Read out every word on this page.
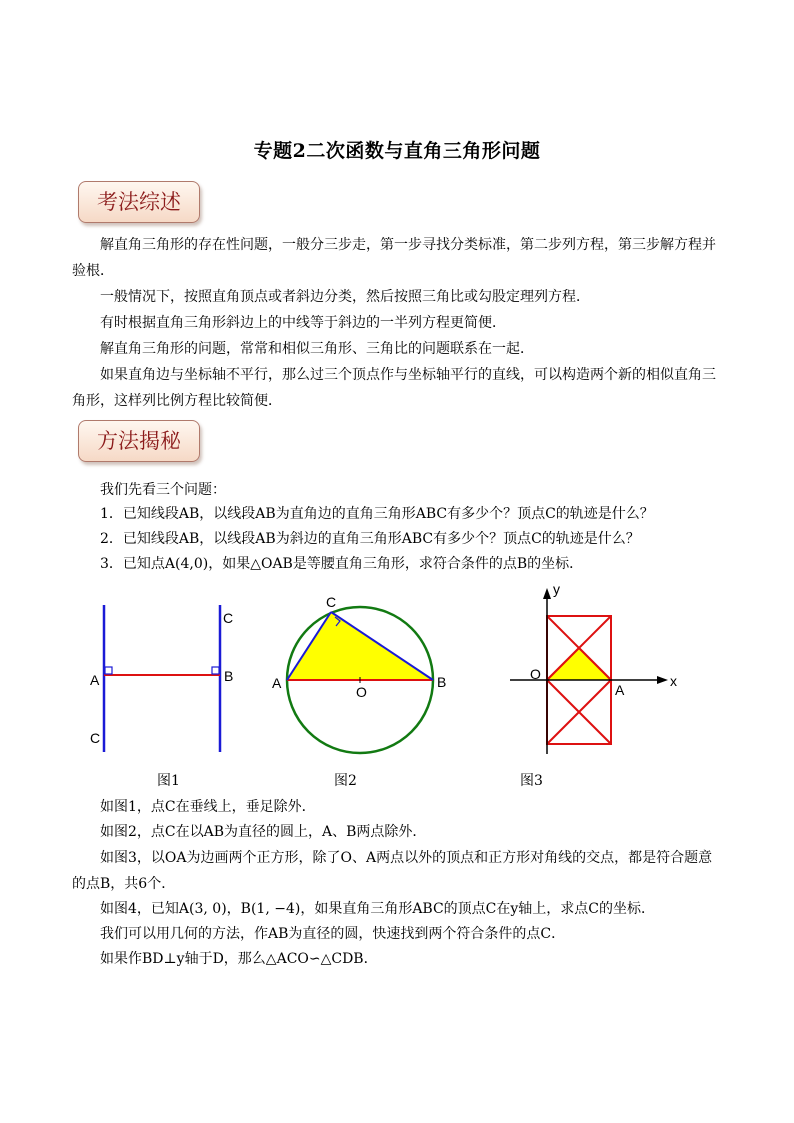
专题2二次函数与直角三角形问题
考法综述
解直角三角形的存在性问题，一般分三步走，第一步寻找分类标准，第二步列方程，第三步解方程并验根．
一般情况下，按照直角顶点或者斜边分类，然后按照三角比或勾股定理列方程．
有时根据直角三角形斜边上的中线等于斜边的一半列方程更简便．
解直角三角形的问题，常常和相似三角形、三角比的问题联系在一起．
如果直角边与坐标轴不平行，那么过三个顶点作与坐标轴平行的直线，可以构造两个新的相似直角三角形，这样列比例方程比较简便．
方法揭秘
我们先看三个问题：
1．已知线段AB，以线段AB为直角边的直角三角形ABC有多少个？顶点C的轨迹是什么？
2．已知线段AB，以线段AB为斜边的直角三角形ABC有多少个？顶点C的轨迹是什么？
3．已知点A(4,0)，如果△OAB是等腰直角三角形，求符合条件的点B的坐标．
A	B
C
C
A	B
C
O
O
A
x
y
图1	图2	图3
如图1，点C在垂线上，垂足除外．
如图2，点C在以AB为直径的圆上，A、B两点除外．
如图3，以OA为边画两个正方形，除了O、A两点以外的顶点和正方形对角线的交点，都是符合题意的点B，共6个．
如图4，已知A(3, 0)，B(1, −4)，如果直角三角形ABC的顶点C在y轴上，求点C的坐标．
我们可以用几何的方法，作AB为直径的圆，快速找到两个符合条件的点C．
如果作BD⊥y轴于D，那么△ACO∽△CDB．
